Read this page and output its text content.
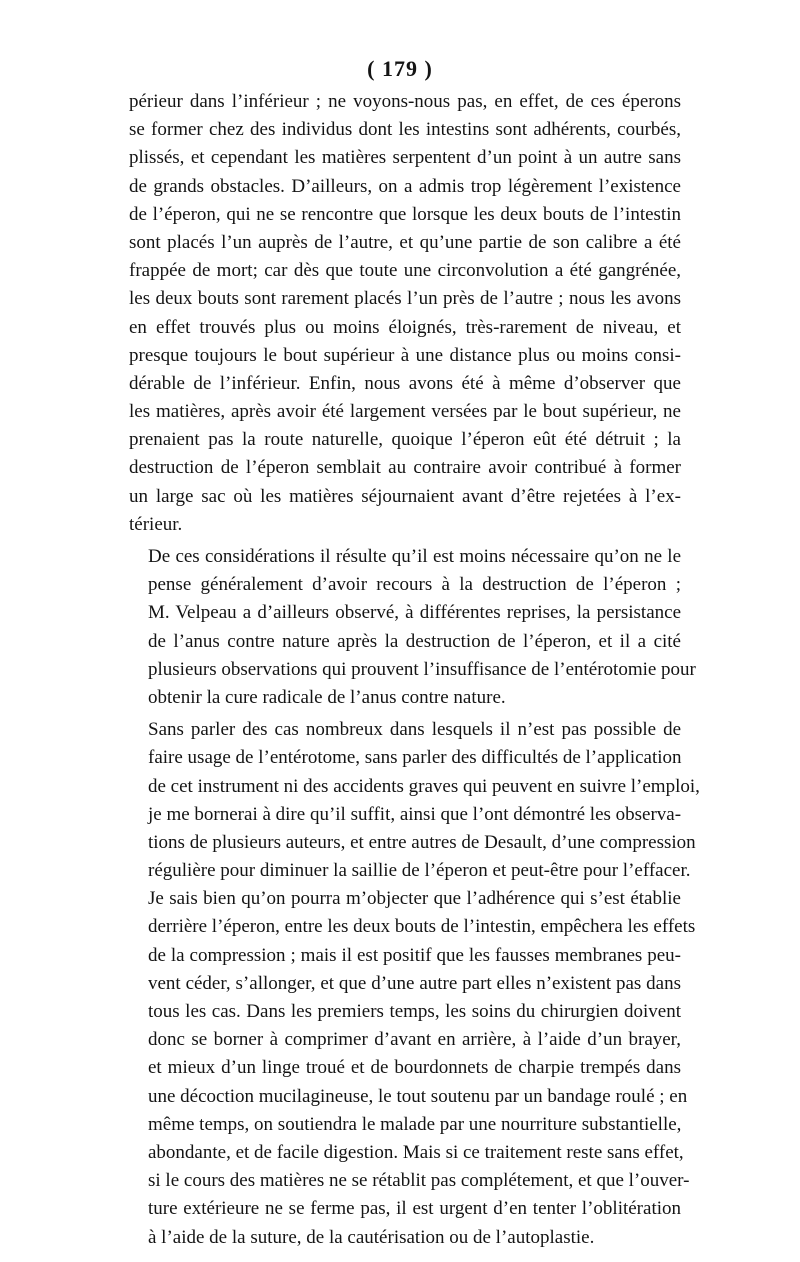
( 179 )
périeur dans l’inférieur ; ne voyons-nous pas, en effet, de ces éperons
se former chez des individus dont les intestins sont adhérents, courbés,
plissés, et cependant les matières serpentent d’un point à un autre sans
de grands obstacles. D’ailleurs, on a admis trop légèrement l’existence
de l’éperon, qui ne se rencontre que lorsque les deux bouts de l’intestin
sont placés l’un auprès de l’autre, et qu’une partie de son calibre a été
frappée de mort; car dès que toute une circonvolution a été gangrénée,
les deux bouts sont rarement placés l’un près de l’autre ; nous les avons
en effet trouvés plus ou moins éloignés, très-rarement de niveau, et
presque toujours le bout supérieur à une distance plus ou moins consi-
dérable de l’inférieur. Enfin, nous avons été à même d’observer que
les matières, après avoir été largement versées par le bout supérieur, ne
prenaient pas la route naturelle, quoique l’éperon eût été détruit ; la
destruction de l’éperon semblait au contraire avoir contribué à former
un large sac où les matières séjournaient avant d’être rejetées à l’ex-
térieur.
De ces considérations il résulte qu’il est moins nécessaire qu’on ne le
pense généralement d’avoir recours à la destruction de l’éperon ;
M. Velpeau a d’ailleurs observé, à différentes reprises, la persistance
de l’anus contre nature après la destruction de l’éperon, et il a cité
plusieurs observations qui prouvent l’insuffisance de l’entérotomie pour
obtenir la cure radicale de l’anus contre nature.
Sans parler des cas nombreux dans lesquels il n’est pas possible de
faire usage de l’entérotome, sans parler des difficultés de l’application
de cet instrument ni des accidents graves qui peuvent en suivre l’emploi,
je me bornerai à dire qu’il suffit, ainsi que l’ont démontré les observa-
tions de plusieurs auteurs, et entre autres de Desault, d’une compression
régulière pour diminuer la saillie de l’éperon et peut-être pour l’effacer.
Je sais bien qu’on pourra m’objecter que l’adhérence qui s’est établie
derrière l’éperon, entre les deux bouts de l’intestin, empêchera les effets
de la compression ; mais il est positif que les fausses membranes peu-
vent céder, s’allonger, et que d’une autre part elles n’existent pas dans
tous les cas. Dans les premiers temps, les soins du chirurgien doivent
donc se borner à comprimer d’avant en arrière, à l’aide d’un brayer,
et mieux d’un linge troué et de bourdonnets de charpie trempés dans
une décoction mucilagineuse, le tout soutenu par un bandage roulé ; en
même temps, on soutiendra le malade par une nourriture substantielle,
abondante, et de facile digestion. Mais si ce traitement reste sans effet,
si le cours des matières ne se rétablit pas complétement, et que l’ouver-
ture extérieure ne se ferme pas, il est urgent d’en tenter l’oblitération
à l’aide de la suture, de la cautérisation ou de l’autoplastie.
